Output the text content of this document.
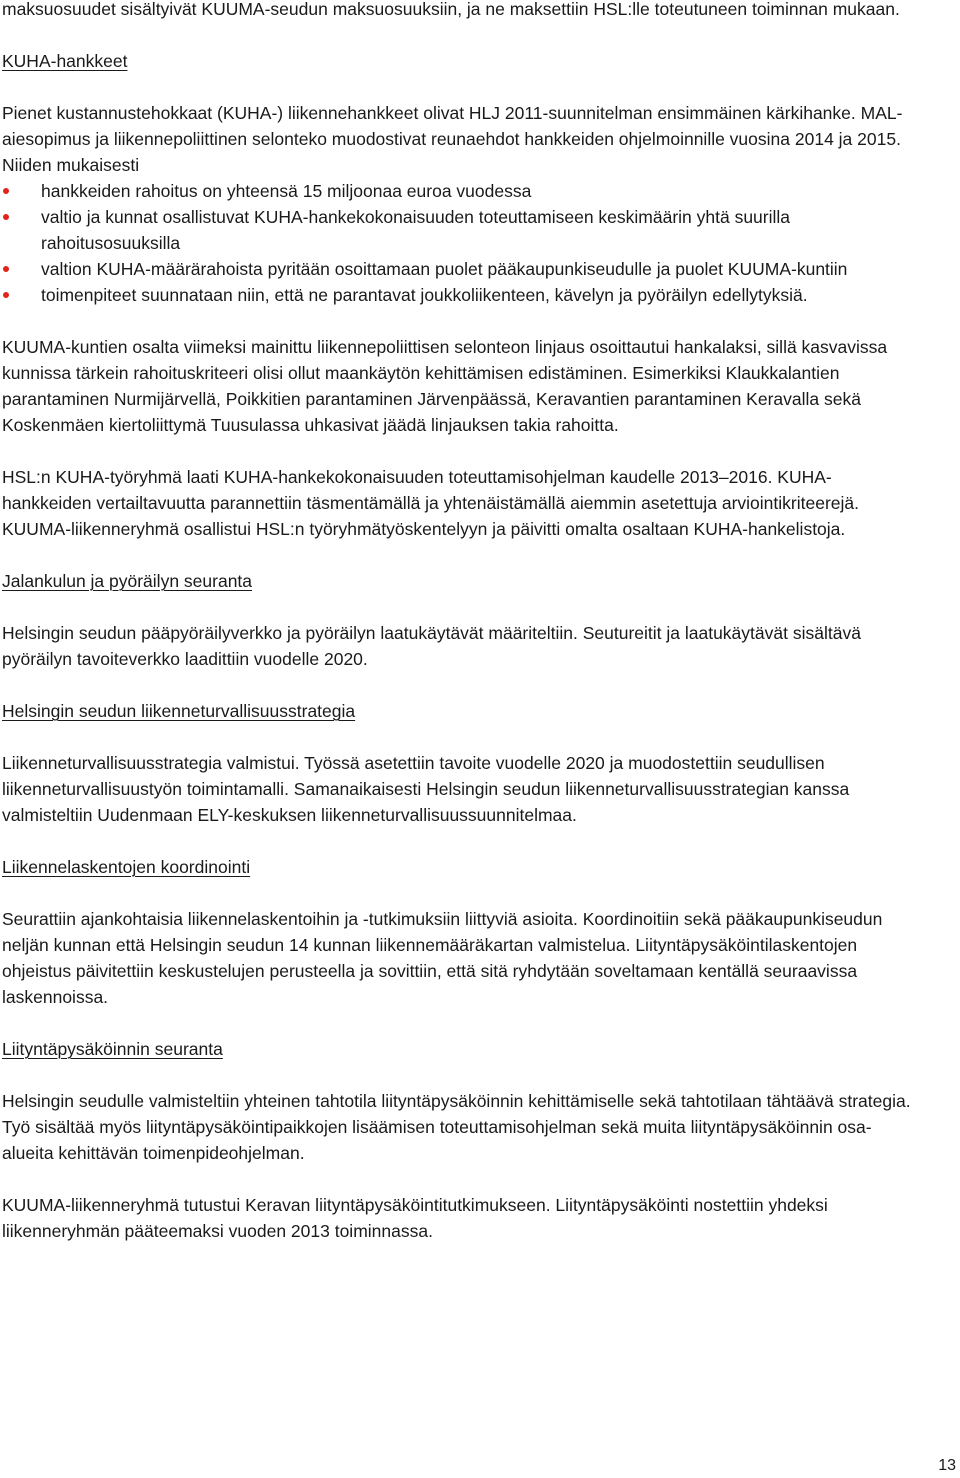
maksuosuudet sisältyivät KUUMA-seudun maksuosuuksiin, ja ne maksettiin HSL:lle toteutuneen toiminnan mukaan.

KUHA-hankkeet

Pienet kustannustehokkaat (KUHA-) liikennehankkeet olivat HLJ 2011-suunnitelman ensimmäinen kärkihanke. MAL-aiesopimus ja liikennepoliittinen selonteko muodostivat reunaehdot hankkeiden ohjelmoinnille vuosina 2014 ja 2015. Niiden mukaisesti

hankkeiden rahoitus on yhteensä 15 miljoonaa euroa vuodessa
valtio ja kunnat osallistuvat KUHA-hankekokonaisuuden toteuttamiseen keskimäärin yhtä suurilla rahoitusosuuksilla
valtion KUHA-määrärahoista pyritään osoittamaan puolet pääkaupunkiseudulle ja puolet KUUMA-kuntiin
toimenpiteet suunnataan niin, että ne parantavat joukkoliikenteen, kävelyn ja pyöräilyn edellytyksiä.

KUUMA-kuntien osalta viimeksi mainittu liikennepoliittisen selonteon linjaus osoittautui hankalaksi, sillä kasvavissa kunnissa tärkein rahoituskriteeri olisi ollut maankäytön kehittämisen edistäminen. Esimerkiksi Klaukkalantien parantaminen Nurmijärvellä, Poikkitien parantaminen Järvenpäässä, Keravantien parantaminen Keravalla sekä Koskenmäen kiertoliittymä Tuusulassa uhkasivat jäädä linjauksen takia rahoitta.

HSL:n KUHA-työryhmä laati KUHA-hankekokonaisuuden toteuttamisohjelman kaudelle 2013–2016. KUHA-hankkeiden vertailtavuutta parannettiin täsmentämällä ja yhtenäistämällä aiemmin asetettuja arviointikriteerejä. KUUMA-liikenneryhmä osallistui HSL:n työryhmätyöskentelyyn ja päivitti omalta osaltaan KUHA-hankelistoja.

Jalankulun ja pyöräilyn seuranta

Helsingin seudun pääpyöräilyverkko ja pyöräilyn laatukäytävät määriteltiin. Seutureitit ja laatukäytävät sisältävä pyöräilyn tavoiteverkko laadittiin vuodelle 2020.

Helsingin seudun liikenneturvallisuusstrategia

Liikenneturvallisuusstrategia valmistui. Työssä asetettiin tavoite vuodelle 2020 ja muodostettiin seudullisen liikenneturvallisuustyön toimintamalli. Samanaikaisesti Helsingin seudun liikenneturvallisuusstrategian kanssa valmisteltiin Uudenmaan ELY-keskuksen liikenneturvallisuussuunnitelmaa.

Liikennelaskentojen koordinointi

Seurattiin ajankohtaisia liikennelaskentoihin ja -tutkimuksiin liittyviä asioita. Koordinoitiin sekä pääkaupunkiseudun neljän kunnan että Helsingin seudun 14 kunnan liikennemääräkartan valmistelua. Liityntäpysäköintilaskentojen ohjeistus päivitettiin keskustelujen perusteella ja sovittiin, että sitä ryhdytään soveltamaan kentällä seuraavissa laskennoissa.

Liityntäpysäköinnin seuranta

Helsingin seudulle valmisteltiin yhteinen tahtotila liityntäpysäköinnin kehittämiselle sekä tahtotilaan tähtäävä strategia. Työ sisältää myös liityntäpysäköintipaikkojen lisäämisen toteuttamisohjelman sekä muita liityntäpysäköinnin osa-alueita kehittävän toimenpideohjelman.

KUUMA-liikenneryhmä tutustui Keravan liityntäpysäköintitutkimukseen. Liityntäpysäköinti nostettiin yhdeksi liikenneryhmän pääteemaksi vuoden 2013 toiminnassa.

13
